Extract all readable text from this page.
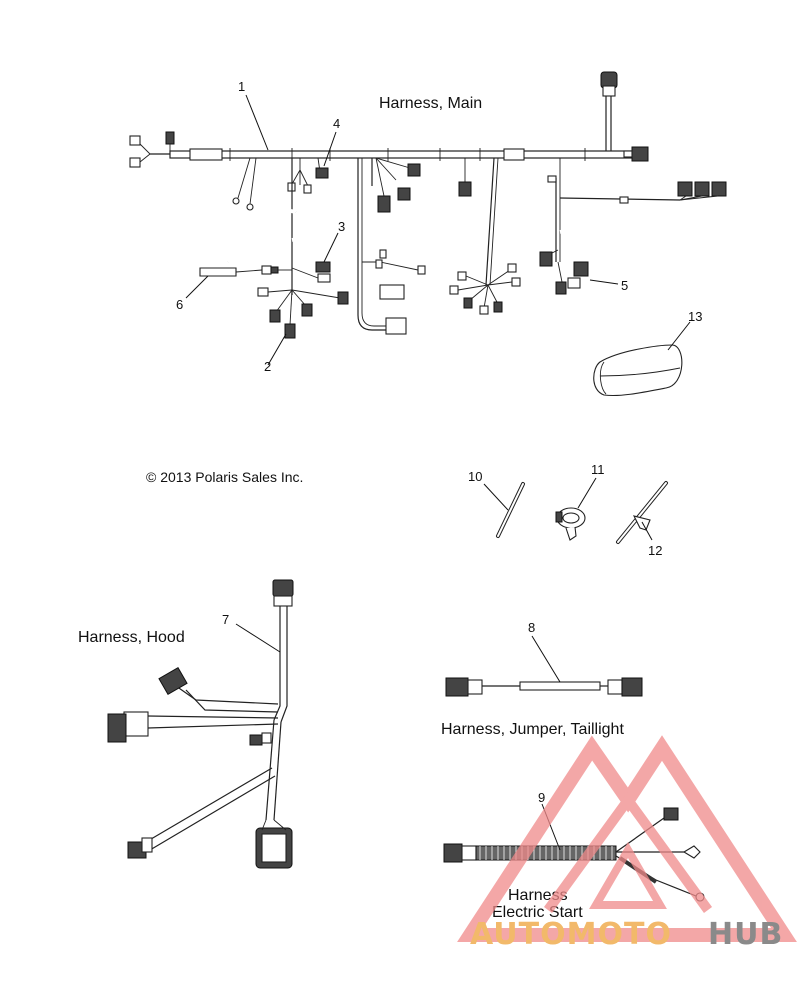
Harness, Main
Harness, Hood
Harness, Jumper, Taillight
Harness
Electric Start
© 2013 Polaris Sales Inc.
1
2
3
4
5
6
7
8
9
10	11
12
13
AUTOMOTO HUB
